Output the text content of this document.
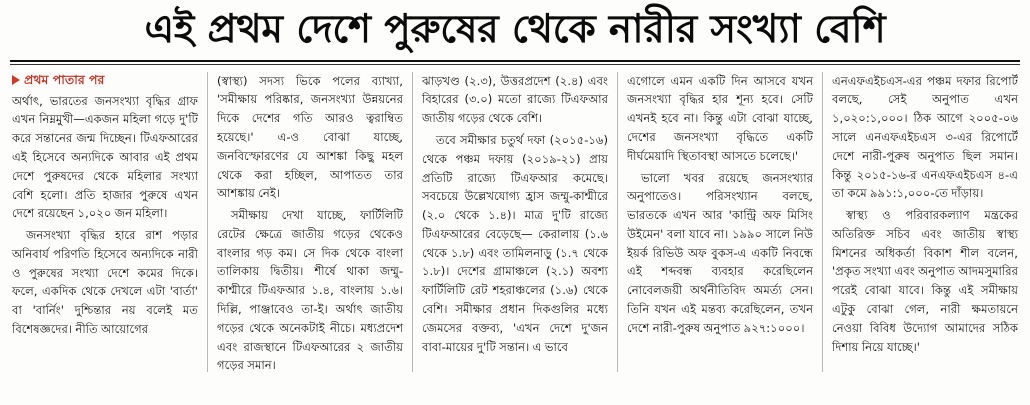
এই প্রথম দেশে পুরুষের থেকে নারীর সংখ্যা বেশি
প্রথম পাতার পর

অর্থাৎ, ভারতের জনসংখ্যা বৃদ্ধির গ্রাফ এখন নিম্নমুখী—একজন মহিলা গড়ে দু'টি করে সন্তানের জন্ম দিচ্ছেন। টিএফআরের এই হিসেবে অন্যদিকে আবার এই প্রথম দেশে পুরুষদের থেকে মহিলার সংখ্যা বেশি হলো। প্রতি হাজার পুরুষে এখন দেশে রয়েছেন ১,০২০ জন মহিলা।

জনসংখ্যা বৃদ্ধির হারে রাশ পড়ার অনিবার্য পরিণতি হিসেবে অন্যদিকে নারী ও পুরুষের সংখ্যা দেশে কমের দিকে। ফলে, একদিক থেকে দেখলে এটা 'বার্তা' বা 'বার্নিং' দুশ্চিন্তার নয় বলেই মত বিশেষজ্ঞদের। নীতি আয়োগের

(স্বাস্থ্য) সদস্য ভিকে পলের ব্যাখ্যা, 'সমীক্ষায় পরিষ্কার, জনসংখ্যা উন্নয়নের দিকে দেশের গতি আরও ত্বরাম্বিত হয়েছে।' এ-ও বোঝা যাচ্ছে, জনবিস্ফোরণের যে আশঙ্কা কিছু মহল থেকে করা হচ্ছিল, আপাতত তার আশঙ্কায় নেই।

সমীক্ষায় দেখা যাচ্ছে, ফার্টিলিটি রেটের ক্ষেত্রে জাতীয় গড়ের থেকেও বাংলার গড় কম। সে দিক থেকে বাংলা তালিকায় দ্বিতীয়। শীর্ষে থাকা জম্মু-কাশ্মীরে টিএফআর ১.৪, বাংলায় ১.৬। দিল্লি, পাঞ্জাবেও তা-ই। অর্থাৎ জাতীয় গড়ের থেকে অনেকটাই নীচে। মধ্যপ্রদেশ এবং রাজস্থানে টিএফআরের ২ জাতীয় গড়ের সমান।

ঝাড়খণ্ড (২.৩), উত্তরপ্রদেশ (২.৪) এবং বিহারের (৩.০) মতো রাজ্যে টিএফআর জাতীয় গড়ের থেকে বেশি।

তবে সমীক্ষার চতুর্থ দফা (২০১৫-১৬) থেকে পঞ্চম দফায় (২০১৯-২১) প্রায় প্রতিটি রাজ্যে টিএফআর কমেছে। সবচেয়ে উল্লেখযোগ্য হ্রাস জম্মু-কাশ্মীরে (২.০ থেকে ১.৪)। মাত্র দু'টি রাজ্যে টিএফআরের বেড়েছে— কেরালায় (১.৬ থেকে ১.৮) এবং তামিলনাড়ু (১.৭ থেকে ১.৮)। দেশের গ্রামাঞ্চলে (২.১) অবশ্য ফার্টিলিটি রেট শহরাঞ্চলের (১.৬) থেকে বেশি। সমীক্ষার প্রধান দিকগুলির মধ্যে জেমসের বক্তব্য, 'এখন দেশে দু'জন বাবা-মায়ের দু'টি সন্তান। এ ভাবে

এগোলে এমন একটি দিন আসবে যখন জনসংখ্যা বৃদ্ধির হার শূন্য হবে। সেটি এখনই হবে না। কিন্তু এটা বোঝা যাচ্ছে, দেশের জনসংখ্যা বৃদ্ধিতে একটি দীর্ঘমেয়াদি স্থিতাবস্থা আসতে চলেছে।'

ভালো খবর রয়েছে জনসংখ্যার অনুপাতেও। পরিসংখ্যান বলছে, ভারতকে এখন আর 'কান্ট্রি অফ মিসিং উইমেন' বলা যাবে না। ১৯৯০ সালে নিউ ইয়র্ক রিভিউ অফ বুকস-এ একটি নিবন্ধে এই শব্দবন্ধ ব্যবহার করেছিলেন নোবেলজয়ী অর্থনীতিবিদ অমর্ত্য সেন। তিনি যখন এই মন্তব্য করেছিলেন, তখন দেশে নারী-পুরুষ অনুপাত ৯২৭:১০০০।

এনএফএইচএস-এর পঞ্চম দফার রিপোর্ট বলছে, সেই অনুপাত এখন ১,০২০:১,০০০। ঠিক আগে ২০০৫-০৬ সালে এনএফএইচএস ৩-এর রিপোর্টে দেশে নারী-পুরুষ অনুপাত ছিল সমান। কিন্তু ২০১৫-১৬-র এনএফএইচএস ৪-এ তা কমে ৯৯১:১,০০০-তে দাঁড়ায়।

স্বাস্থ্য ও পরিবারকল্যাণ মন্ত্রকের অতিরিক্ত সচিব এবং জাতীয় স্বাস্থ্য মিশনের অধিকর্তা বিকাশ শীল বলেন, 'প্রকৃত সংখ্যা এবং অনুপাত আদমসুমারির পরেই বোঝা যাবে। কিন্তু এই সমীক্ষায় এটুকু বোঝা গেল, নারী ক্ষমতায়নে নেওয়া বিবিধ উদ্যোগ আমাদের সঠিক দিশায় নিয়ে যাচ্ছে।'
